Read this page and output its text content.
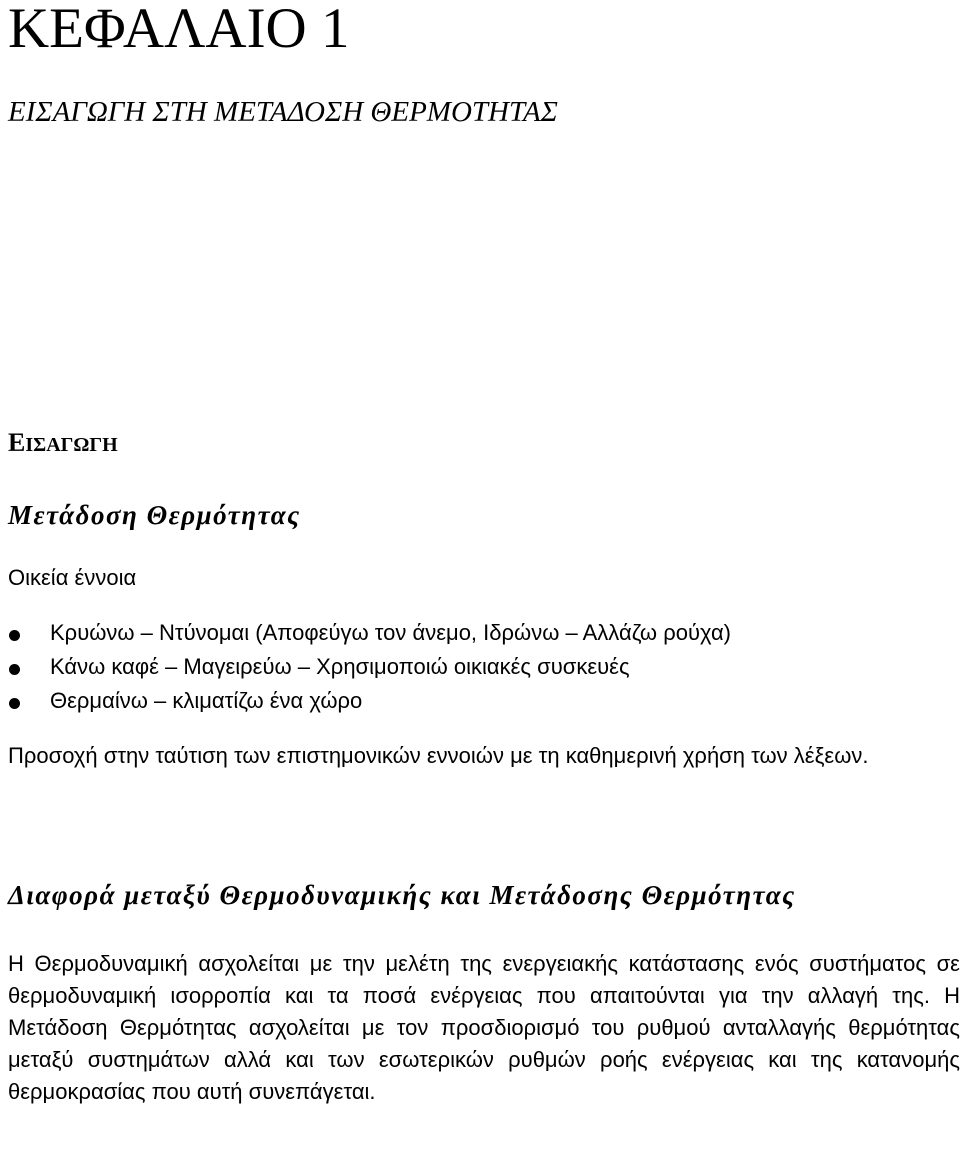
ΚΕΦΑΛΑΙΟ 1
ΕΙΣΑΓΩΓΗ ΣΤΗ ΜΕΤΑΔΟΣΗ ΘΕΡΜΟΤΗΤΑΣ
ΕΙΣΑΓΩΓΗ
Μετάδοση Θερμότητας

Οικεία έννοια

Κρυώνω – Ντύνομαι (Αποφεύγω τον άνεμο, Ιδρώνω – Αλλάζω ρούχα)
Κάνω καφέ – Μαγειρεύω – Χρησιμοποιώ οικιακές συσκευές
Θερμαίνω – κλιματίζω ένα χώρο

Προσοχή στην ταύτιση των επιστημονικών εννοιών με τη καθημερινή χρήση των λέξεων.

Διαφορά μεταξύ Θερμοδυναμικής και Μετάδοσης Θερμότητας

Η Θερμοδυναμική ασχολείται με την μελέτη της ενεργειακής κατάστασης ενός συστήματος σε θερμοδυναμική ισορροπία και τα ποσά ενέργειας που απαιτούνται για την αλλαγή της. Η Μετάδοση Θερμότητας ασχολείται με τον προσδιορισμό του ρυθμού ανταλλαγής θερμότητας μεταξύ συστημάτων αλλά και των εσωτερικών ρυθμών ροής ενέργειας και της κατανομής θερμοκρασίας που αυτή συνεπάγεται.
